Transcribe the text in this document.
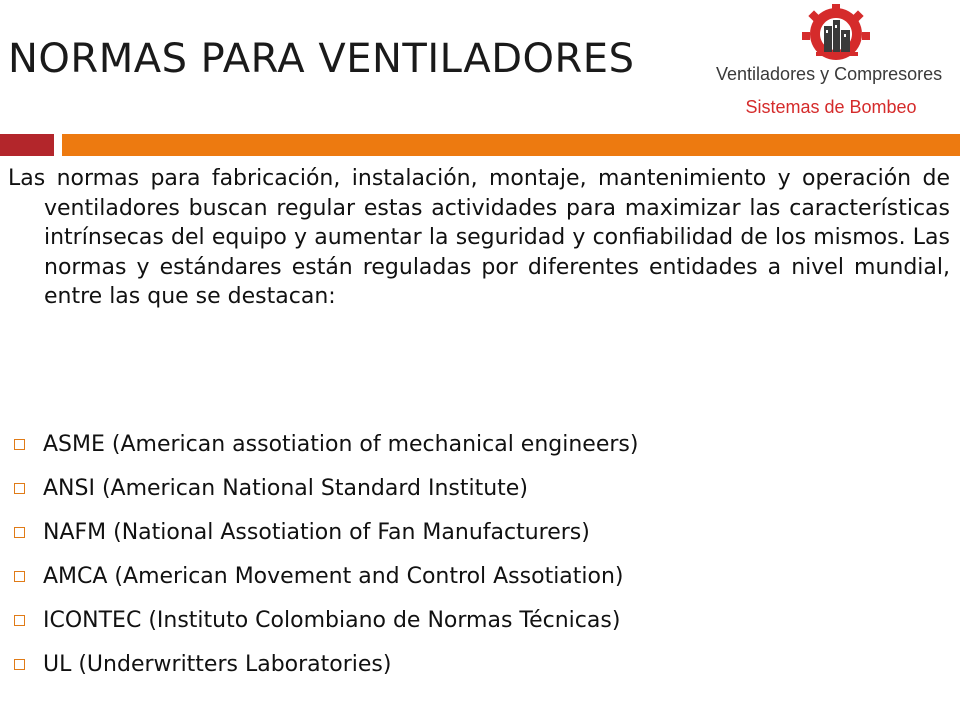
NORMAS PARA VENTILADORES	Ventiladores y Compresores
Sistemas de Bombeo

Las normas para fabricación, instalación, montaje, mantenimiento y operación de ventiladores buscan regular estas actividades para maximizar las características intrínsecas del equipo y aumentar la seguridad y confiabilidad de los mismos. Las normas y estándares están reguladas por diferentes entidades a nivel mundial, entre las que se destacan:

ASME (American assotiation of mechanical engineers)
ANSI (American National Standard Institute)
NAFM (National Assotiation of Fan Manufacturers)
AMCA (American Movement and Control Assotiation)
ICONTEC (Instituto Colombiano de Normas Técnicas)
UL (Underwritters Laboratories)
